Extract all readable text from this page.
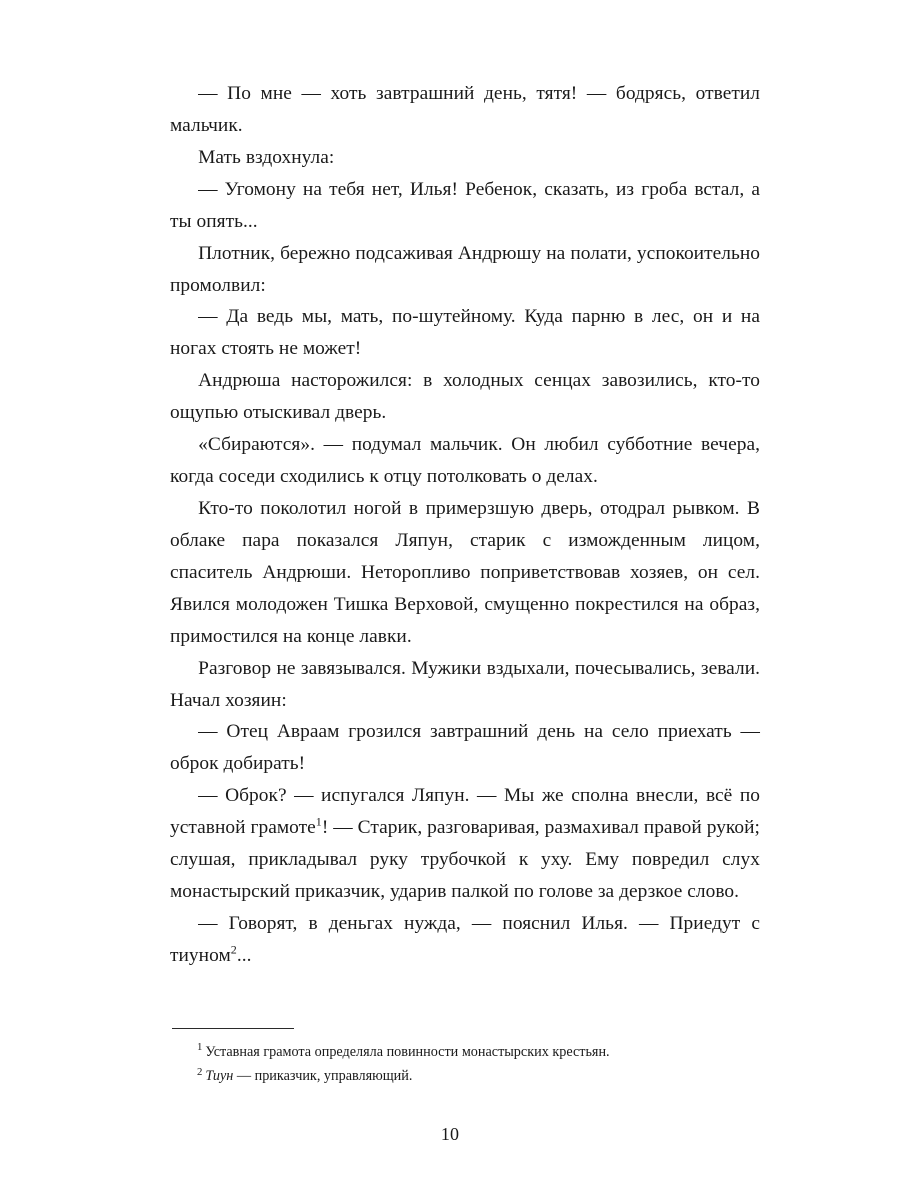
— По мне — хоть завтрашний день, тятя! — бодрясь, ответил мальчик.

Мать вздохнула:

— Угомону на тебя нет, Илья! Ребенок, сказать, из гроба встал, а ты опять...

Плотник, бережно подсаживая Андрюшу на полати, успокоительно промолвил:

— Да ведь мы, мать, по-шутейному. Куда парню в лес, он и на ногах стоять не может!

Андрюша насторожился: в холодных сенцах завозились, кто-то ощупью отыскивал дверь.

«Сбираются». — подумал мальчик. Он любил субботние вечера, когда соседи сходились к отцу потолковать о делах.

Кто-то поколотил ногой в примерзшую дверь, отодрал рывком. В облаке пара показался Ляпун, старик с изможденным лицом, спаситель Андрюши. Неторопливо поприветствовав хозяев, он сел. Явился молодожен Тишка Верховой, смущенно покрестился на образ, примостился на конце лавки.

Разговор не завязывался. Мужики вздыхали, почесывались, зевали. Начал хозяин:

— Отец Авраам грозился завтрашний день на село приехать — оброк добирать!

— Оброк? — испугался Ляпун. — Мы же сполна внесли, всё по уставной грамоте$^1$! — Старик, разговаривая, размахивал правой рукой; слушая, прикладывал руку трубочкой к уху. Ему повредил слух монастырский приказчик, ударив палкой по голове за дерзкое слово.

— Говорят, в деньгах нужда, — пояснил Илья. — Приедут с тиуном$^2$...

$^1$ Уставная грамота определяла повинности монастырских крестьян.

$^2$ Тиун — приказчик, управляющий.

10
